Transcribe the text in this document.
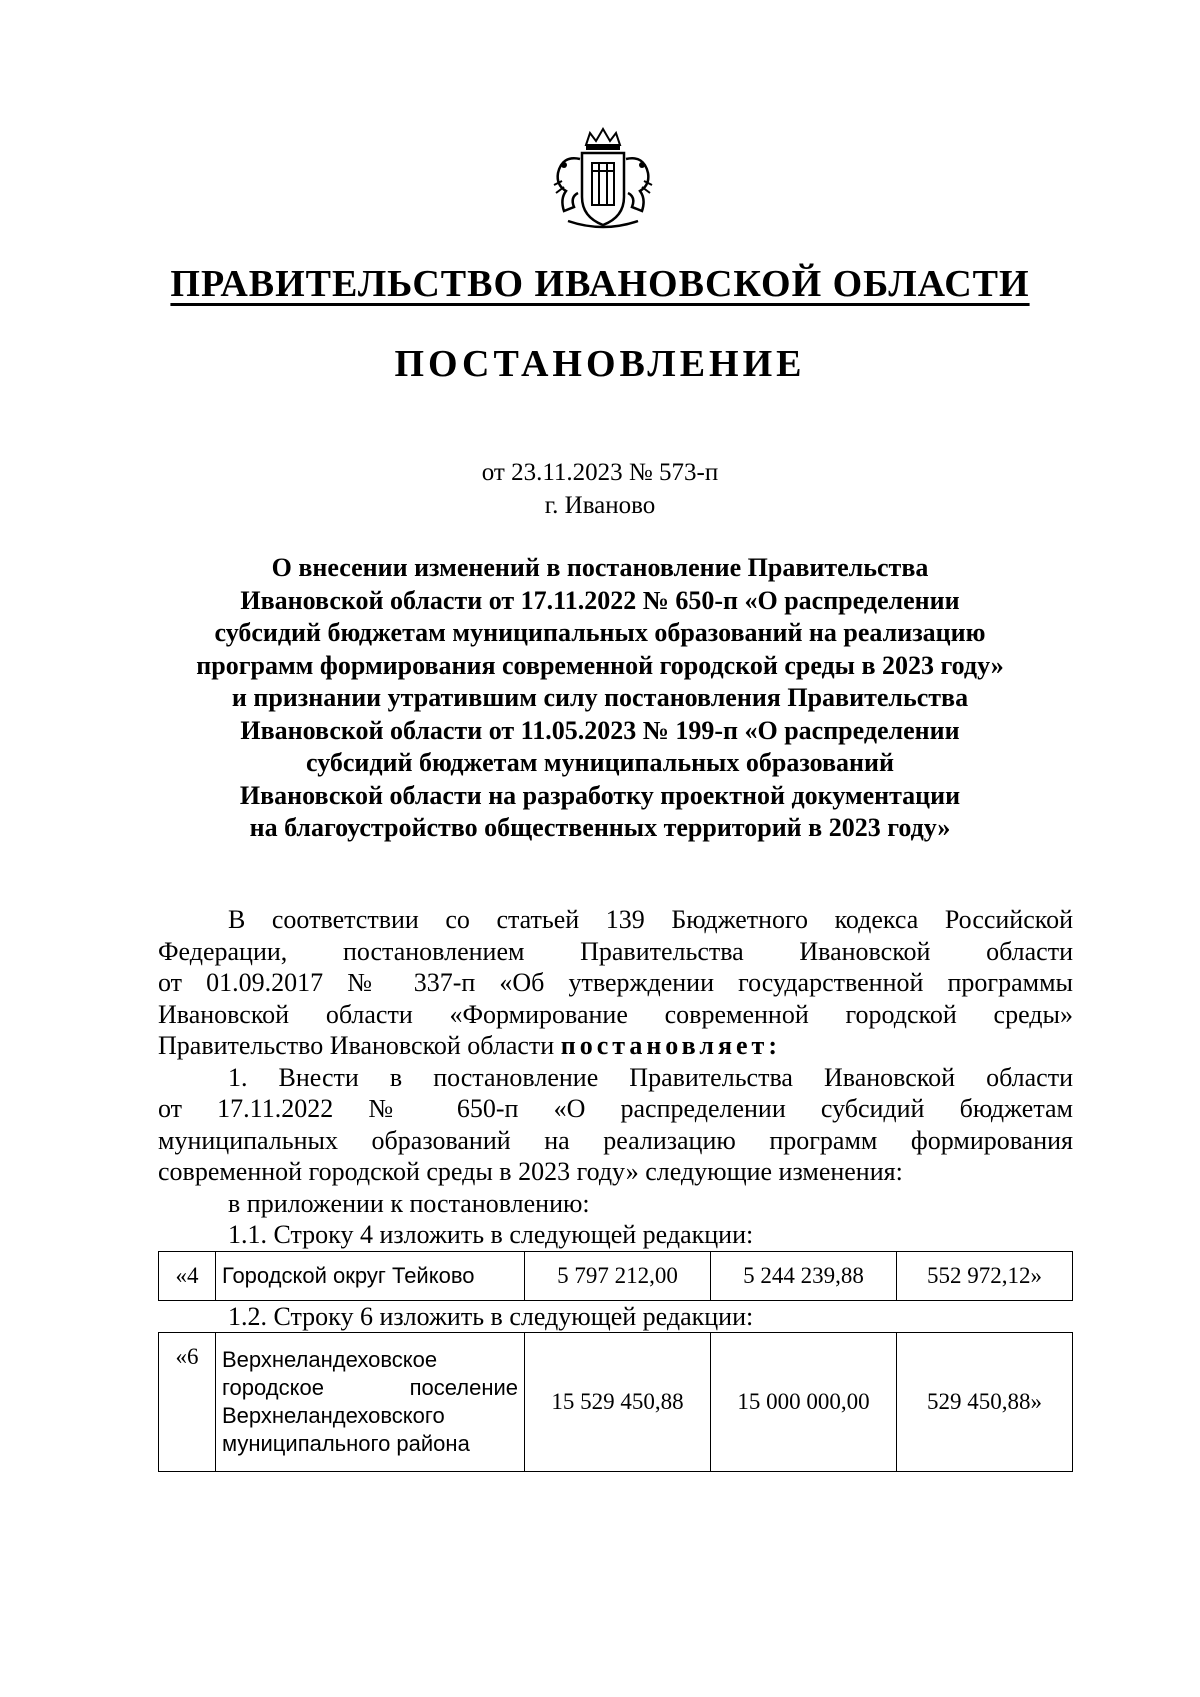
ПРАВИТЕЛЬСТВО ИВАНОВСКОЙ ОБЛАСТИ
ПОСТАНОВЛЕНИЕ
от 23.11.2023 № 573-п
г. Иваново
О внесении изменений в постановление Правительства
Ивановской области от 17.11.2022 № 650-п «О распределении
субсидий бюджетам муниципальных образований на реализацию
программ формирования современной городской среды в 2023 году»
и признании утратившим силу постановления Правительства
Ивановской области от 11.05.2023 № 199-п «О распределении
субсидий бюджетам муниципальных образований
Ивановской области на разработку проектной документации
на благоустройство общественных территорий в 2023 году»
В соответствии со статьей 139 Бюджетного кодекса Российской
Федерации, постановлением Правительства Ивановской области
от 01.09.2017 № 337-п «Об утверждении государственной программы
Ивановской области «Формирование современной городской среды»
Правительство Ивановской области постановляет:
1. Внести в постановление Правительства Ивановской области
от 17.11.2022 № 650-п «О распределении субсидий бюджетам
муниципальных образований на реализацию программ формирования
современной городской среды в 2023 году» следующие изменения:
в приложении к постановлению:
1.1. Строку 4 изложить в следующей редакции:
«4	Городской округ Тейково	5 797 212,00	5 244 239,88	552 972,12»
1.2. Строку 6 изложить в следующей редакции:
«6	Верхнеландеховское
городское поселение
Верхнеландеховского
муниципального района
	15 529 450,88	15 000 000,00	529 450,88»
